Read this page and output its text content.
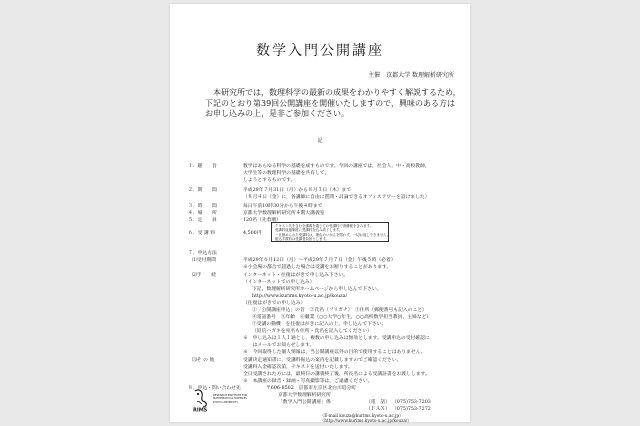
数学入門公開講座
主催　京都大学 数理解析研究所
本研究所では，数理科学の最新の成果をわかりやすく解説するため，
下記のとおり第39回公開講座を開催いたしますので，興味のある方は
お申し込みの上，是非ご参加ください。
記
１．趣　　旨	数学はあらゆる科学の基礎を成すものです。今回の講座では，社会人，中・高校教師，
大学生等の数理科学の基礎を共有して，
しようとするものです。
２．期　　間	平成29年７月31日（月）から８月３日（木）まで
（８月４日（金）に，各講師に自由に質問・討論できるオフィスアワーを設けました）
３．時　　間	毎日午前10時30分から午後４時まで
４．場　　所	京都大学数理解析研究所４階大講義室
５．定　　員	120名（先着順）
６．受 講 料	4,500円
テキスト代を含む全講義を通じての受講料で消費税を含みます。
受講料返還制度に受講料を込み終了します。
一旦納められた受講料は，理由のいかんを問わず，一切お返しできません。
振込手数料は受講者負担とします。
７．申込方法
⑴受付期間	平成29年６月12日（月）～平成29年７月７日（金）午後５時（必着）
※小会場の都合で超過した場合は受講をお断りすることがあります。
⑵手　　続	インターネット・往復はがきで申し込み下さい。
（インターネットでの申し込み）
下記，数理解析研究所ホームページから申し込んで下さい。
http://www.kurims.kyoto-u.ac.jp/kouza/
（往復はがきでの申し込み）
①「公開講座申込」の旨　②氏名（フリガナ）　③住所（郵便番号も記入のこと）
④電話番号　⑤年齢　⑥職業（○○大学○年生，○○高校数学担当教員，主婦など）
⑦受講の動機　を往復はがきに記入の上，申し込んで下さい。
（返信ハガキを宛名も住所・氏名を記入してください）
※　申し込みは１人１通とし，複数の申し込みは無効とします。受講申込の受付確認に
　　はメールでお知らせします。
※　今回取得した個人情報は，当公開講座以外の目的で使用することはありません。
⑶そ の 他	受講決定通知書に，受講料振込の案内を記載しますのでご確認ください。
受講料入金確認次第，テキストを送付いたします。
全日受講された方には，最終日の講義終了後，所長名による受講証書をお渡しします。
※　本講座の録音・録画・写真撮影等は，ご遠慮ください。
８．申込・問い合わせ先	〒606-8502　京都市左京区北白川追分町
京都大学数理解析研究所
「数学入門公開講座」係	（電　話） （075)753-7203
（ＦＡＸ） （075)753-7272
（E-mail kouza@kurims.kyoto-u.ac.jp）
（http://www.kurims.kyoto-u.ac.jp/kouza/）
RIMS
RESEARCH INSTITUTE FOR
MATHEMATICAL SCIENCES
KYOTO UNIVERSITY
